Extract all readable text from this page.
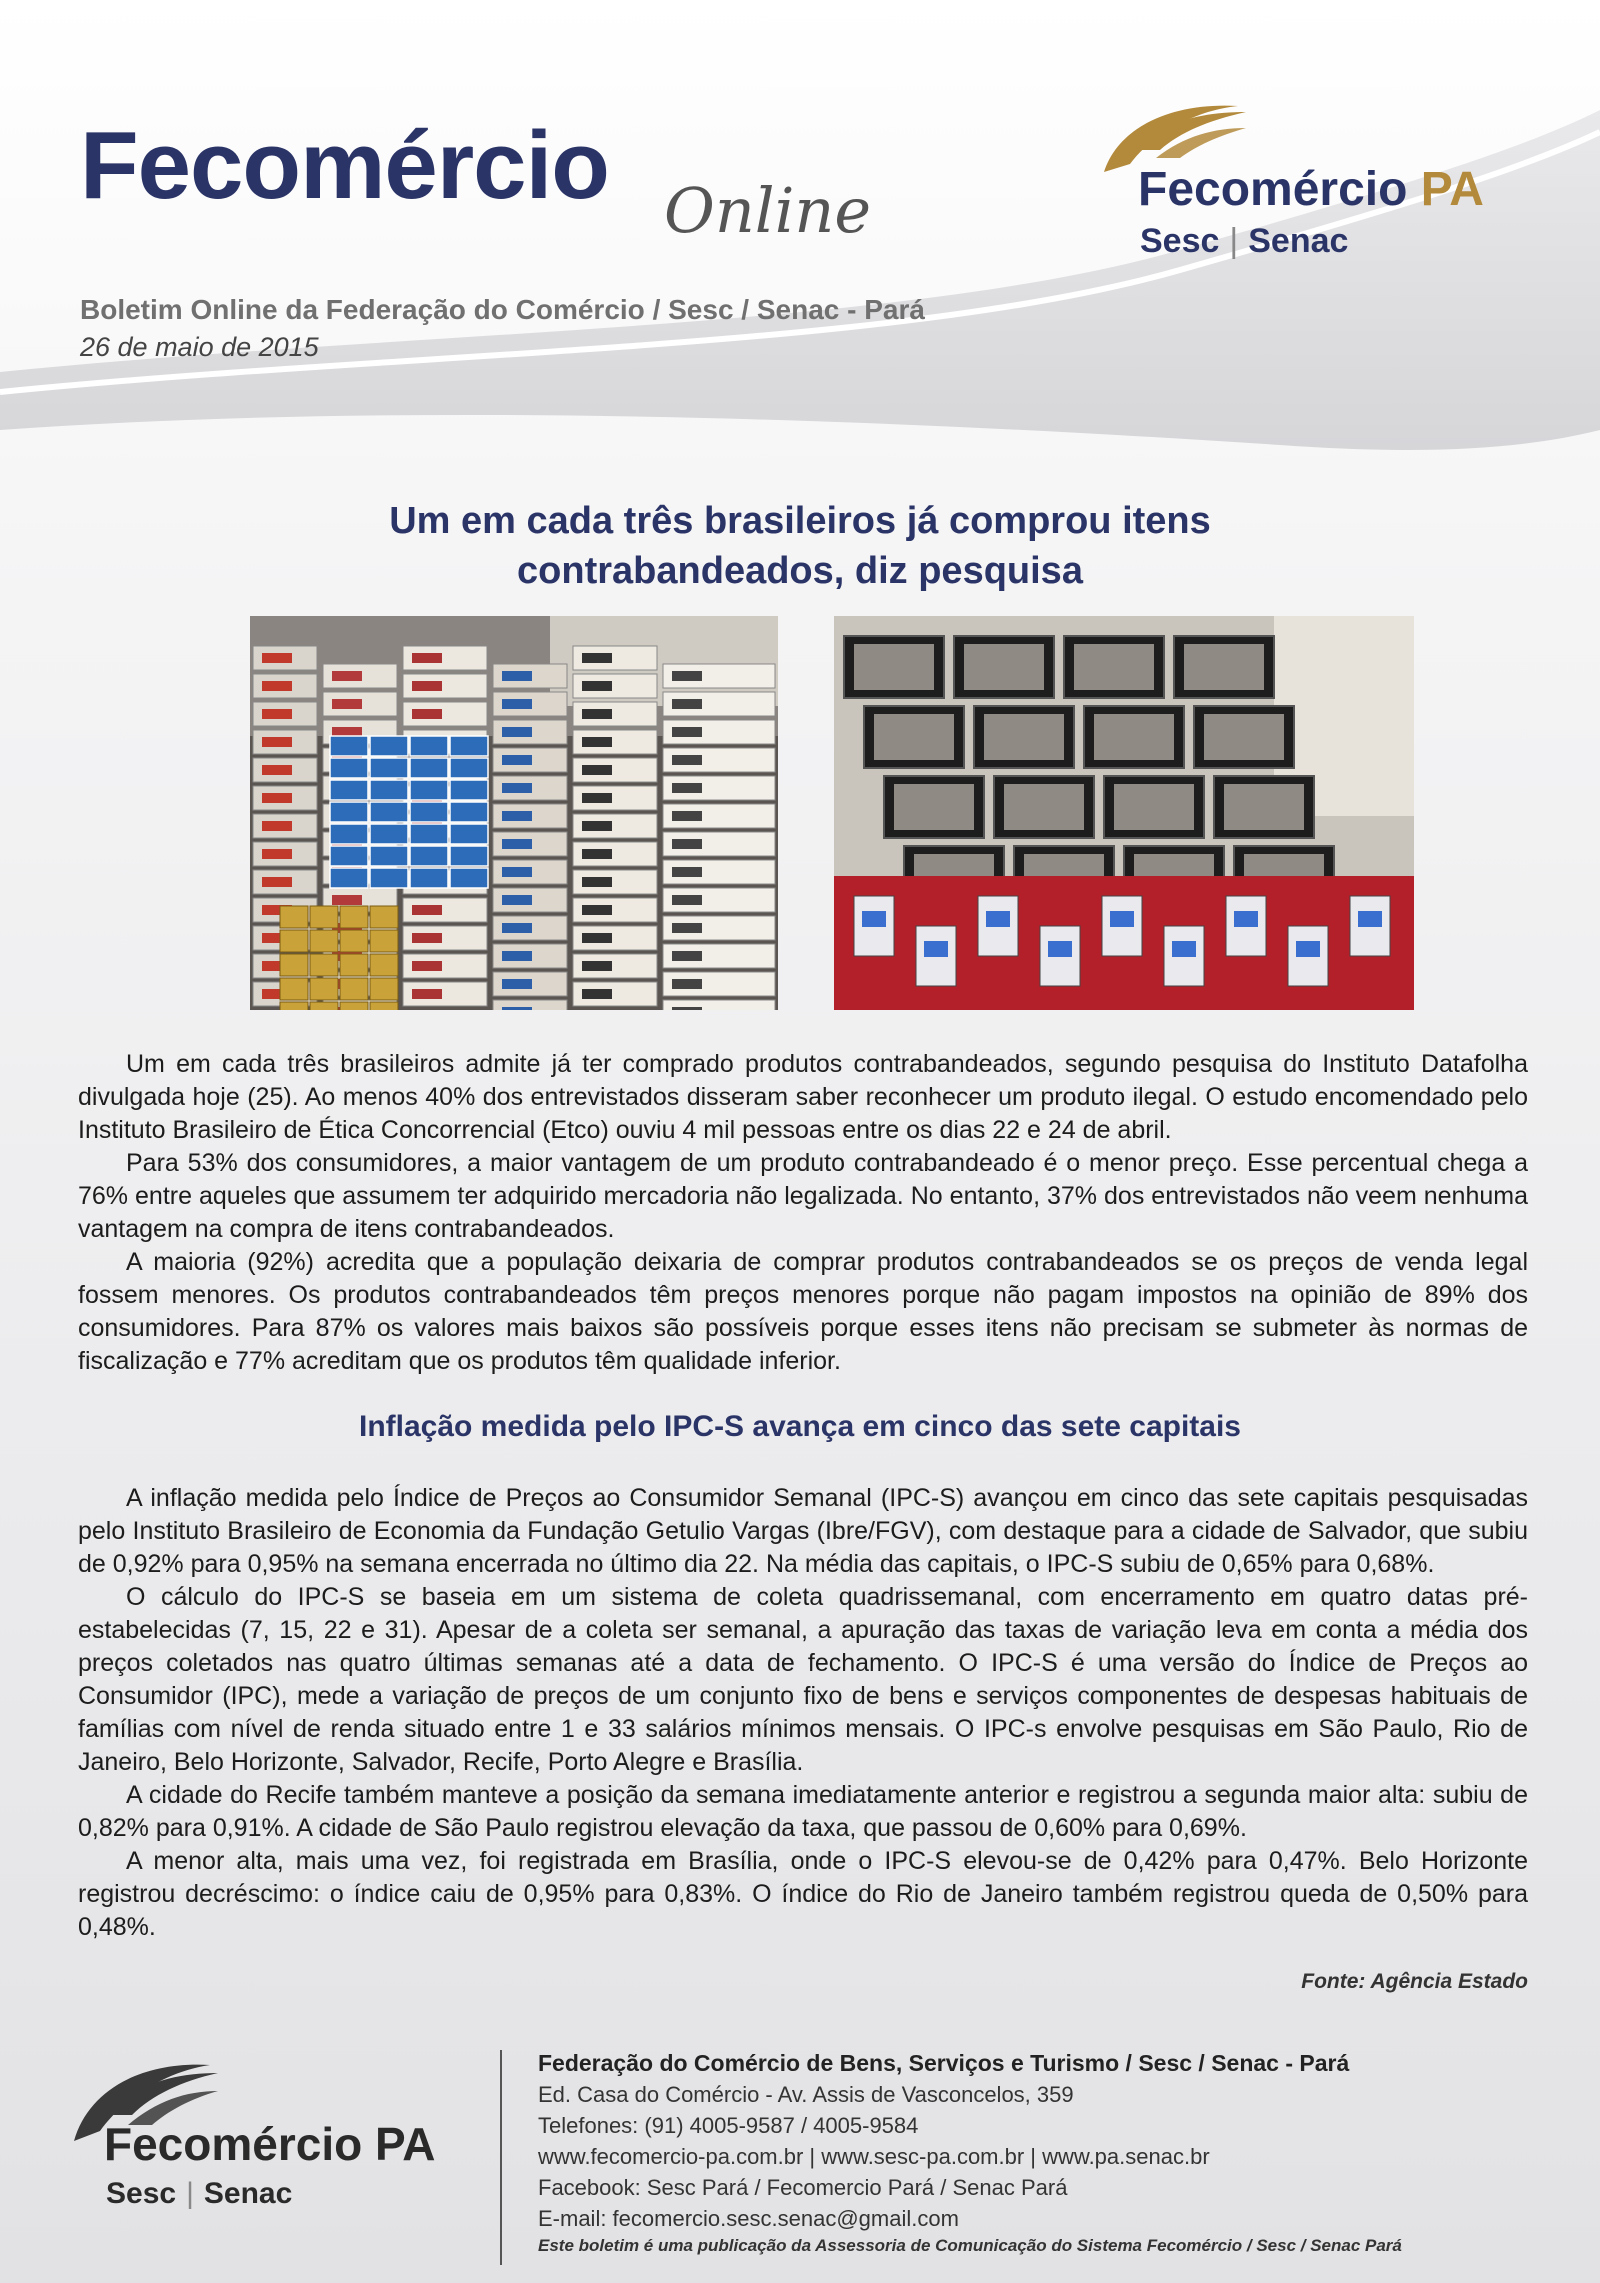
Fecomércio Online
Boletim Online da Federação do Comércio / Sesc / Senac - Pará
26 de maio de 2015
Fecomércio PA
Sesc | Senac
Um em cada três brasileiros já comprou itens
contrabandeados, diz pesquisa

Um em cada três brasileiros admite já ter comprado produtos contrabandeados, segundo pesquisa do Instituto Datafolha divulgada hoje (25). Ao menos 40% dos entrevistados disseram saber reconhecer um produto ilegal. O estudo encomendado pelo Instituto Brasileiro de Ética Concorrencial (Etco) ouviu 4 mil pessoas entre os dias 22 e 24 de abril.

Para 53% dos consumidores, a maior vantagem de um produto contrabandeado é o menor preço. Esse percentual chega a 76% entre aqueles que assumem ter adquirido mercadoria não legalizada. No entanto, 37% dos entrevistados não veem nenhuma vantagem na compra de itens contrabandeados.

A maioria (92%) acredita que a população deixaria de comprar produtos contrabandeados se os preços de venda legal fossem menores. Os produtos contrabandeados têm preços menores porque não pagam impostos na opinião de 89% dos consumidores. Para 87% os valores mais baixos são possíveis porque esses itens não precisam se submeter às normas de fiscalização e 77% acreditam que os produtos têm qualidade inferior.

Inflação medida pelo IPC-S avança em cinco das sete capitais

A inflação medida pelo Índice de Preços ao Consumidor Semanal (IPC-S) avançou em cinco das sete capitais pesquisadas pelo Instituto Brasileiro de Economia da Fundação Getulio Vargas (Ibre/FGV), com destaque para a cidade de Salvador, que subiu de 0,92% para 0,95% na semana encerrada no último dia 22. Na média das capitais, o IPC-S subiu de 0,65% para 0,68%.

O cálculo do IPC-S se baseia em um sistema de coleta quadrissemanal, com encerramento em quatro datas pré-estabelecidas (7, 15, 22 e 31). Apesar de a coleta ser semanal, a apuração das taxas de variação leva em conta a média dos preços coletados nas quatro últimas semanas até a data de fechamento. O IPC-S é uma versão do Índice de Preços ao Consumidor (IPC), mede a variação de preços de um conjunto fixo de bens e serviços componentes de despesas habituais de famílias com nível de renda situado entre 1 e 33 salários mínimos mensais. O IPC-s envolve pesquisas em São Paulo, Rio de Janeiro, Belo Horizonte, Salvador, Recife, Porto Alegre e Brasília.

A cidade do Recife também manteve a posição da semana imediatamente anterior e registrou a segunda maior alta: subiu de 0,82% para 0,91%. A cidade de São Paulo registrou elevação da taxa, que passou de 0,60% para 0,69%.

A menor alta, mais uma vez, foi registrada em Brasília, onde o IPC-S elevou-se de 0,42% para 0,47%. Belo Horizonte registrou decréscimo: o índice caiu de 0,95% para 0,83%. O índice do Rio de Janeiro também registrou queda de 0,50% para 0,48%.

Fonte: Agência Estado
Fecomércio PA
Sesc | Senac
Federação do Comércio de Bens, Serviços e Turismo / Sesc / Senac - Pará
Ed. Casa do Comércio - Av. Assis de Vasconcelos, 359
Telefones: (91) 4005-9587 / 4005-9584
www.fecomercio-pa.com.br | www.sesc-pa.com.br | www.pa.senac.br
Facebook: Sesc Pará / Fecomercio Pará / Senac Pará
E-mail: fecomercio.sesc.senac@gmail.com
Este boletim é uma publicação da Assessoria de Comunicação do Sistema Fecomércio / Sesc / Senac Pará
